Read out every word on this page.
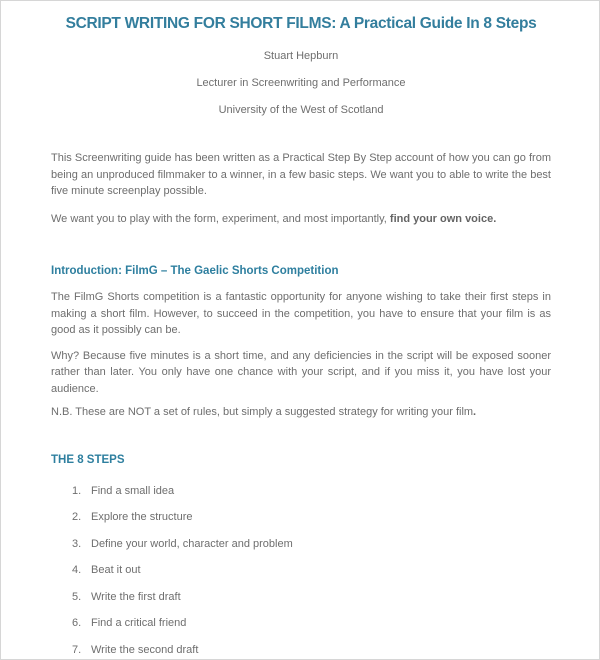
SCRIPT WRITING FOR SHORT FILMS: A Practical Guide In 8 Steps

Stuart Hepburn

Lecturer in Screenwriting and Performance

University of the West of Scotland

This Screenwriting guide has been written as a Practical Step By Step account of how you can go from being an unproduced filmmaker to a winner, in a few basic steps. We want you to able to write the best five minute screenplay possible.

We want you to play with the form, experiment, and most importantly, find your own voice.

Introduction: FilmG – The Gaelic Shorts Competition

The FilmG Shorts competition is a fantastic opportunity for anyone wishing to take their first steps in making a short film. However, to succeed in the competition, you have to ensure that your film is as good as it possibly can be.

Why? Because five minutes is a short time, and any deficiencies in the script will be exposed sooner rather than later. You only have one chance with your script, and if you miss it, you have lost your audience.

N.B. These are NOT a set of rules, but simply a suggested strategy for writing your film.

THE 8 STEPS
1. Find a small idea
2. Explore the structure
3. Define your world, character and problem
4. Beat it out
5. Write the first draft
6. Find a critical friend
7. Write the second draft
